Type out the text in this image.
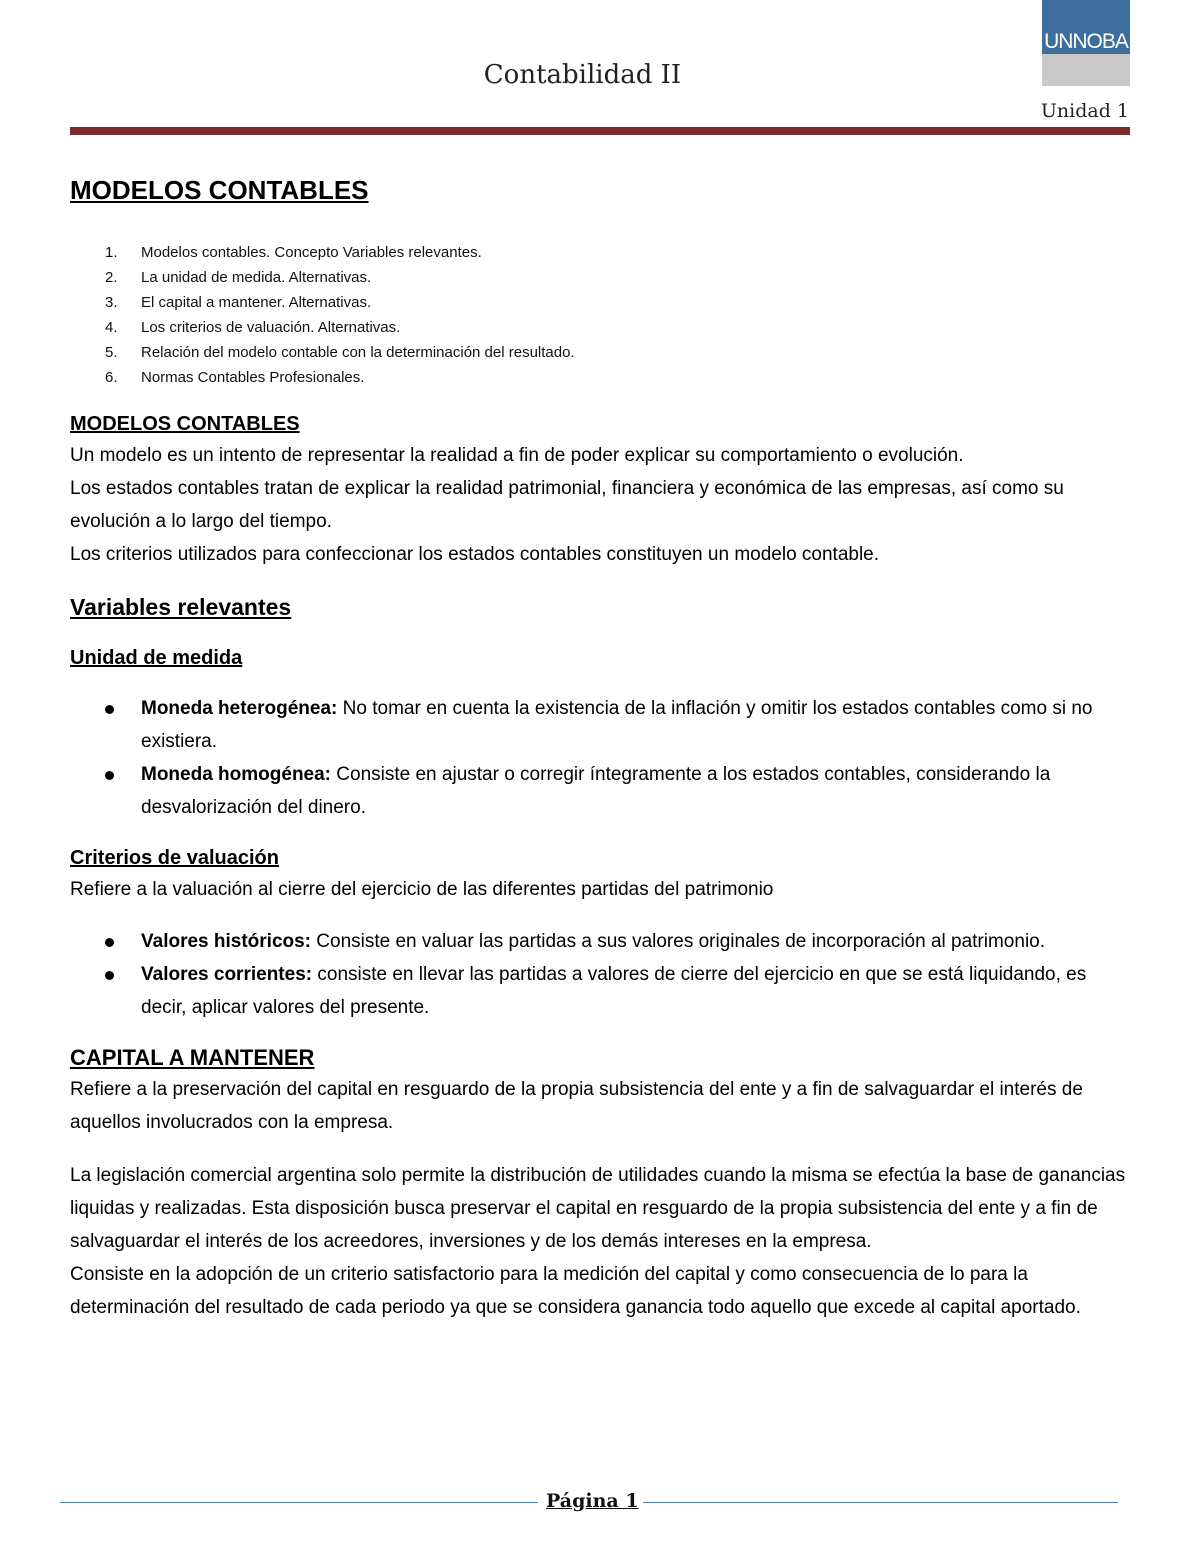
Contabilidad II
UNNOBA
Unidad 1
MODELOS CONTABLES
1. Modelos contables. Concepto Variables relevantes.
2. La unidad de medida. Alternativas.
3. El capital a mantener. Alternativas.
4. Los criterios de valuación. Alternativas.
5. Relación del modelo contable con la determinación del resultado.
6. Normas Contables Profesionales.
MODELOS CONTABLES

Un modelo es un intento de representar la realidad a fin de poder explicar su comportamiento o evolución.

Los estados contables tratan de explicar la realidad patrimonial, financiera y económica de las empresas, así como su evolución a lo largo del tiempo.

Los criterios utilizados para confeccionar los estados contables constituyen un modelo contable.

Variables relevantes
Unidad de medida
Moneda heterogénea: No tomar en cuenta la existencia de la inflación y omitir los estados contables como si no existiera.
Moneda homogénea: Consiste en ajustar o corregir íntegramente a los estados contables, considerando la desvalorización del dinero.
Criterios de valuación

Refiere a la valuación al cierre del ejercicio de las diferentes partidas del patrimonio

Valores históricos: Consiste en valuar las partidas a sus valores originales de incorporación al patrimonio.
Valores corrientes: consiste en llevar las partidas a valores de cierre del ejercicio en que se está liquidando, es decir, aplicar valores del presente.
CAPITAL A MANTENER

Refiere a la preservación del capital en resguardo de la propia subsistencia del ente y a fin de salvaguardar el interés de aquellos involucrados con la empresa.

La legislación comercial argentina solo permite la distribución de utilidades cuando la misma se efectúa la base de ganancias liquidas y realizadas. Esta disposición busca preservar el capital en resguardo de la propia subsistencia del ente y a fin de salvaguardar el interés de los acreedores, inversiones y de los demás intereses en la empresa.

Consiste en la adopción de un criterio satisfactorio para la medición del capital y como consecuencia de lo para la determinación del resultado de cada periodo ya que se considera ganancia todo aquello que excede al capital aportado.

Página 1
